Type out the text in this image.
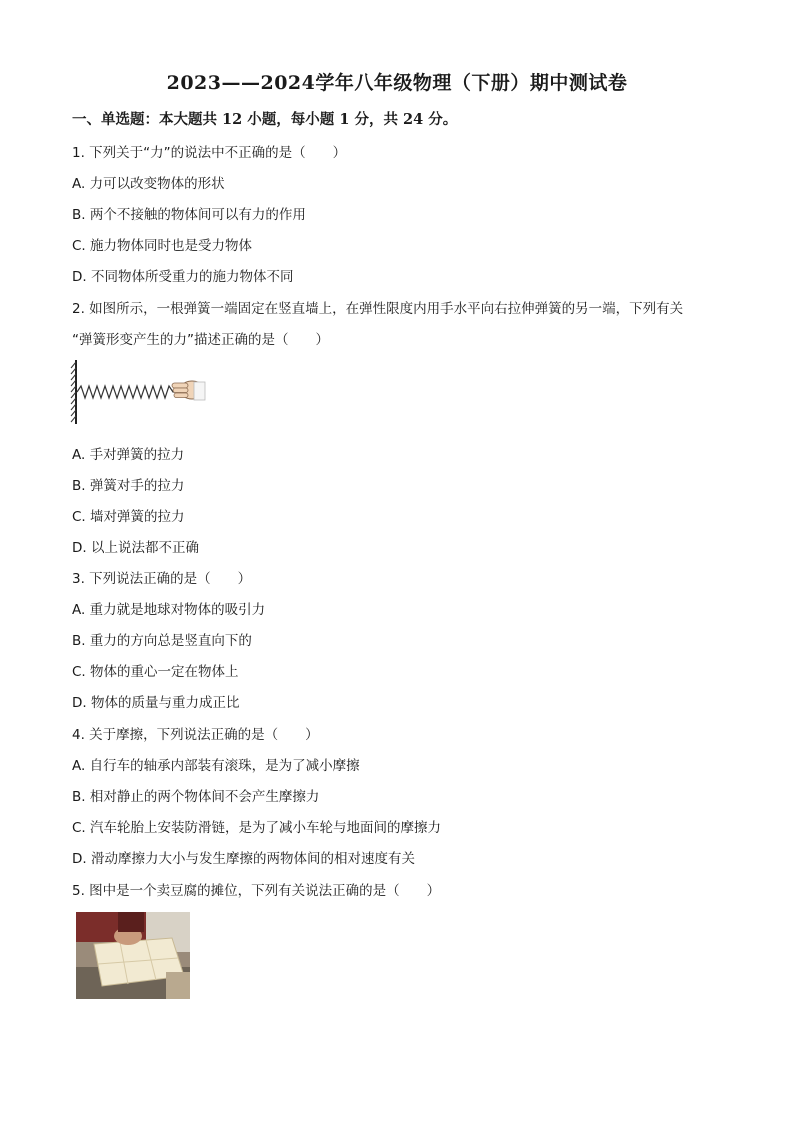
2023——2024学年八年级物理（下册）期中测试卷
一、单选题：本大题共 12 小题，每小题 1 分，共 24 分。
1. 下列关于“力”的说法中不正确的是（　　）
A. 力可以改变物体的形状
B. 两个不接触的物体间可以有力的作用
C. 施力物体同时也是受力物体
D. 不同物体所受重力的施力物体不同
2. 如图所示，一根弹簧一端固定在竖直墙上，在弹性限度内用手水平向右拉伸弹簧的另一端，下列有关
“弹簧形变产生的力”描述正确的是（　　）
A. 手对弹簧的拉力
B. 弹簧对手的拉力
C. 墙对弹簧的拉力
D. 以上说法都不正确
3. 下列说法正确的是（　　）
A. 重力就是地球对物体的吸引力
B. 重力的方向总是竖直向下的
C. 物体的重心一定在物体上
D. 物体的质量与重力成正比
4. 关于摩擦，下列说法正确的是（　　）
A. 自行车的轴承内部装有滚珠，是为了减小摩擦
B. 相对静止的两个物体间不会产生摩擦力
C. 汽车轮胎上安装防滑链，是为了减小车轮与地面间的摩擦力
D. 滑动摩擦力大小与发生摩擦的两物体间的相对速度有关
5. 图中是一个卖豆腐的摊位，下列有关说法正确的是（　　）
